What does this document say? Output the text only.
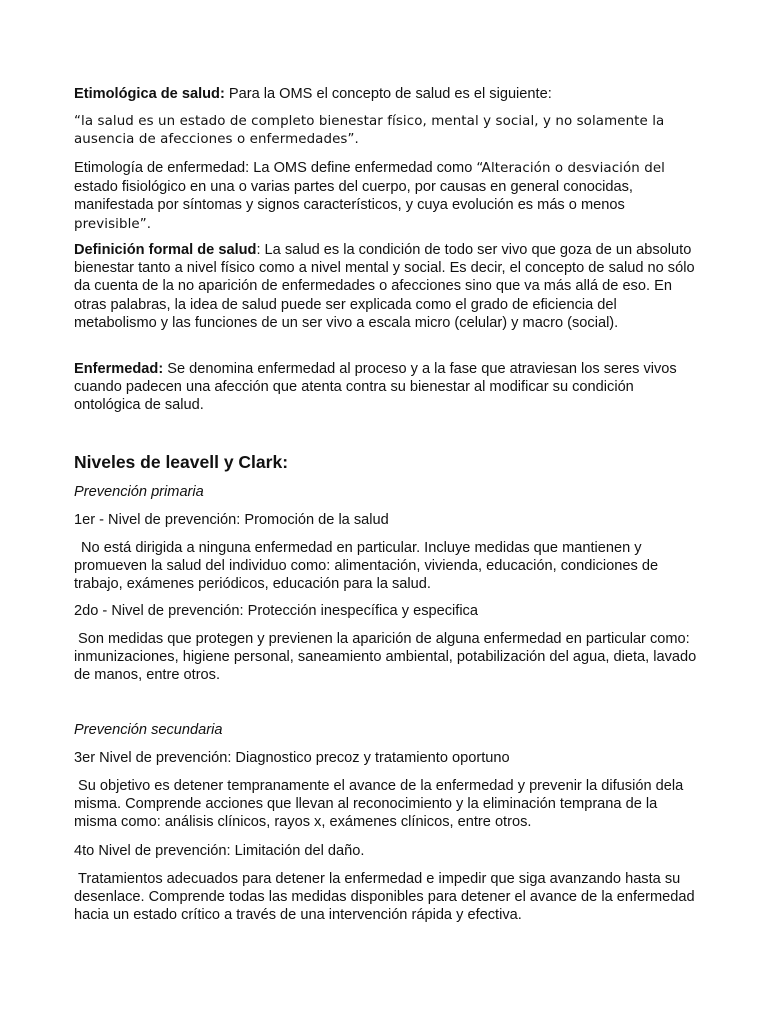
Etimológica de salud: Para la OMS el concepto de salud es el siguiente:

“la salud es un estado de completo bienestar físico, mental y social, y no solamente la ausencia de afecciones o enfermedades”.

Etimología de enfermedad: La OMS define enfermedad como “Alteración o desviación del estado fisiológico en una o varias partes del cuerpo, por causas en general conocidas, manifestada por síntomas y signos característicos, y cuya evolución es más o menos previsible”.

Definición formal de salud: La salud es la condición de todo ser vivo que goza de un absoluto bienestar tanto a nivel físico como a nivel mental y social. Es decir, el concepto de salud no sólo da cuenta de la no aparición de enfermedades o afecciones sino que va más allá de eso. En otras palabras, la idea de salud puede ser explicada como el grado de eficiencia del metabolismo y las funciones de un ser vivo a escala micro (celular) y macro (social).

Enfermedad: Se denomina enfermedad al proceso y a la fase que atraviesan los seres vivos cuando padecen una afección que atenta contra su bienestar al modificar su condición ontológica de salud.

Niveles de leavell y Clark:

Prevención primaria

1er - Nivel de prevención: Promoción de la salud

No está dirigida a ninguna enfermedad en particular. Incluye medidas que mantienen y promueven la salud del individuo como: alimentación, vivienda, educación, condiciones de trabajo, exámenes periódicos, educación para la salud.

2do - Nivel de prevención: Protección inespecífica y especifica

Son medidas que protegen y previenen la aparición de alguna enfermedad en particular como: inmunizaciones, higiene personal, saneamiento ambiental, potabilización del agua, dieta, lavado de manos, entre otros.

Prevención secundaria

3er Nivel de prevención: Diagnostico precoz y tratamiento oportuno

Su objetivo es detener tempranamente el avance de la enfermedad y prevenir la difusión dela misma. Comprende acciones que llevan al reconocimiento y la eliminación temprana de la misma como: análisis clínicos, rayos x, exámenes clínicos, entre otros.

4to Nivel de prevención: Limitación del daño.

Tratamientos adecuados para detener la enfermedad e impedir que siga avanzando hasta su desenlace. Comprende todas las medidas disponibles para detener el avance de la enfermedad hacia un estado crítico a través de una intervención rápida y efectiva.
